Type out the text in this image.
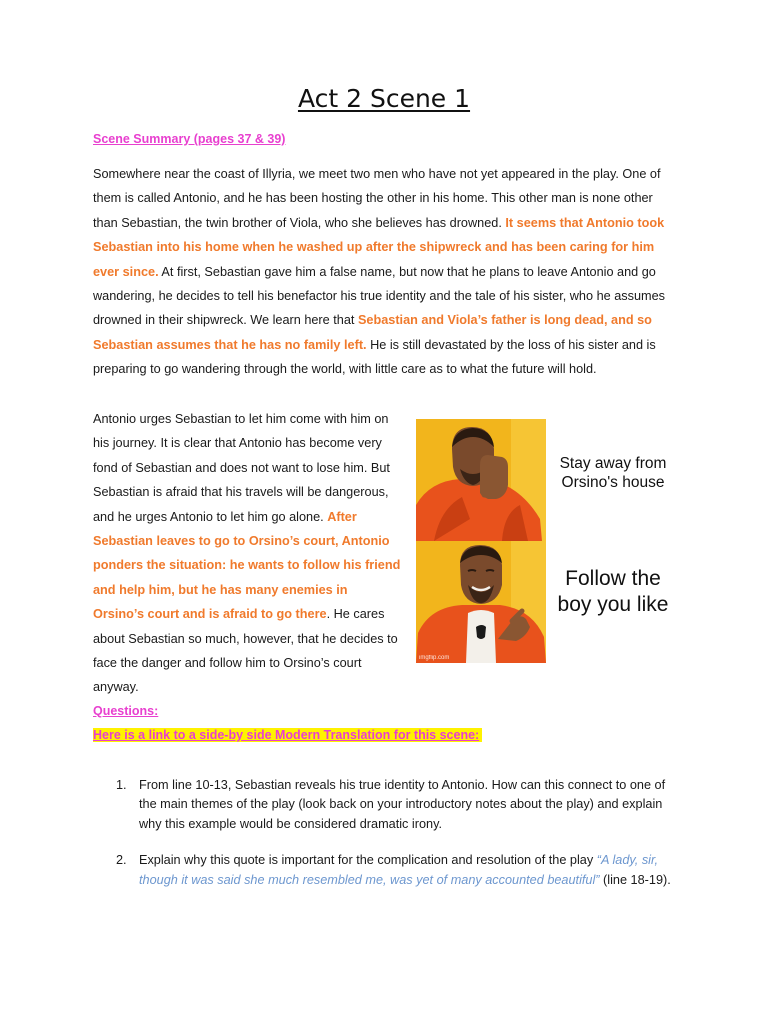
Act 2 Scene 1
Scene Summary (pages 37 & 39)

Somewhere near the coast of Illyria, we meet two men who have not yet appeared in the play. One of them is called Antonio, and he has been hosting the other in his home. This other man is none other than Sebastian, the twin brother of Viola, who she believes has drowned. It seems that Antonio took Sebastian into his home when he washed up after the shipwreck and has been caring for him ever since. At first, Sebastian gave him a false name, but now that he plans to leave Antonio and go wandering, he decides to tell his benefactor his true identity and the tale of his sister, who he assumes drowned in their shipwreck. We learn here that Sebastian and Viola’s father is long dead, and so Sebastian assumes that he has no family left. He is still devastated by the loss of his sister and is preparing to go wandering through the world, with little care as to what the future will hold.

Antonio urges Sebastian to let him come with him on his journey. It is clear that Antonio has become very fond of Sebastian and does not want to lose him. But Sebastian is afraid that his travels will be dangerous, and he urges Antonio to let him go alone. After Sebastian leaves to go to Orsino’s court, Antonio ponders the situation: he wants to follow his friend and help him, but he has many enemies in Orsino’s court and is afraid to go there. He cares about Sebastian so much, however, that he decides to face the danger and follow him to Orsino’s court anyway.

imgflip.com
Stay away from Orsino's house
Follow the boy you like
Questions:
Here is a link to a side-by side Modern Translation for this scene:
1. From line 10-13, Sebastian reveals his true identity to Antonio. How can this connect to one of the main themes of the play (look back on your introductory notes about the play) and explain why this example would be considered dramatic irony.
2. Explain why this quote is important for the complication and resolution of the play “A lady, sir, though it was said she much resembled me, was yet of many accounted beautiful” (line 18-19).
